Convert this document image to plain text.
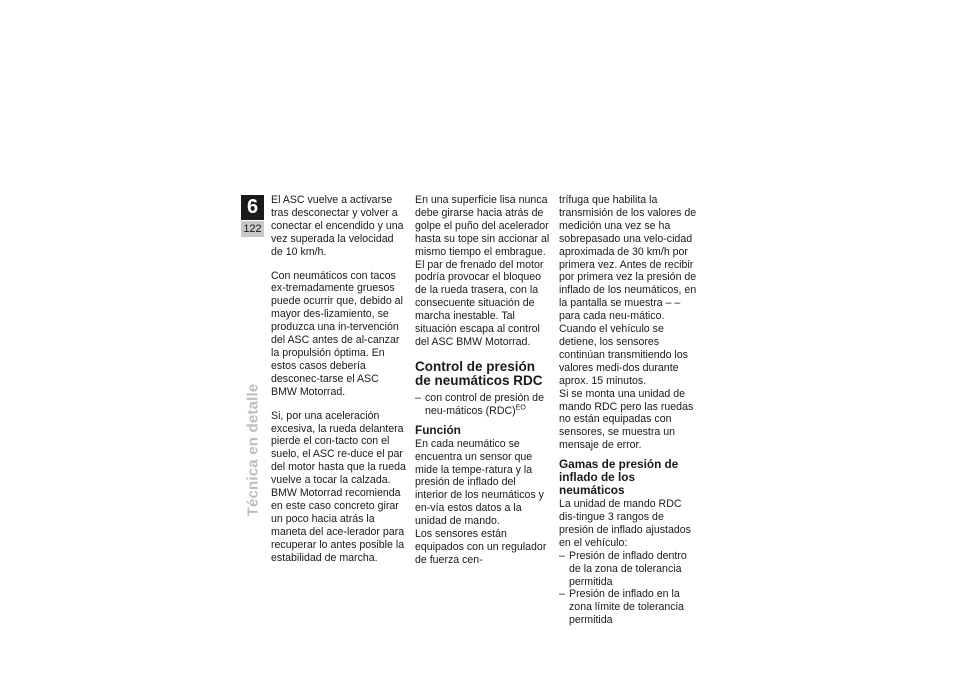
6
122
Técnica en detalle

El ASC vuelve a activarse tras desconectar y volver a conectar el encendido y una vez superada la velocidad de 10 km/h.

Con neumáticos con tacos ex-tremadamente gruesos puede ocurrir que, debido al mayor des-lizamiento, se produzca una in-tervención del ASC antes de al-canzar la propulsión óptima. En estos casos debería desconec-tarse el ASC BMW Motorrad.

Si, por una aceleración excesiva, la rueda delantera pierde el con-tacto con el suelo, el ASC re-duce el par del motor hasta que la rueda vuelve a tocar la calzada. BMW Motorrad recomienda en este caso concreto girar un poco hacia atrás la maneta del ace-lerador para recuperar lo antes posible la estabilidad de marcha.

En una superficie lisa nunca debe girarse hacia atrás de golpe el puño del acelerador hasta su tope sin accionar al mismo tiempo el embrague. El par de frenado del motor podría provocar el bloqueo de la rueda trasera, con la consecuente situación de marcha inestable. Tal situación escapa al control del ASC BMW Motorrad.

Control de presión de neumáticos RDC
– con control de presión de neu-máticos (RDC)$^{EO}$
Función

En cada neumático se encuentra un sensor que mide la tempe-ratura y la presión de inflado del interior de los neumáticos y en-vía estos datos a la unidad de mando.

Los sensores están equipados con un regulador de fuerza cen-

trífuga que habilita la transmisión de los valores de medición una vez se ha sobrepasado una velo-cidad aproximada de 30 km/h por primera vez. Antes de recibir por primera vez la presión de inflado de los neumáticos, en la pantalla se muestra – – para cada neu-mático. Cuando el vehículo se detiene, los sensores continúan transmitiendo los valores medi-dos durante aprox. 15 minutos.

Si se monta una unidad de mando RDC pero las ruedas no están equipadas con sensores, se muestra un mensaje de error.

Gamas de presión de inflado de los neumáticos

La unidad de mando RDC dis-tingue 3 rangos de presión de inflado ajustados en el vehículo:

– Presión de inflado dentro de la zona de tolerancia permitida
– Presión de inflado en la zona límite de tolerancia permitida
